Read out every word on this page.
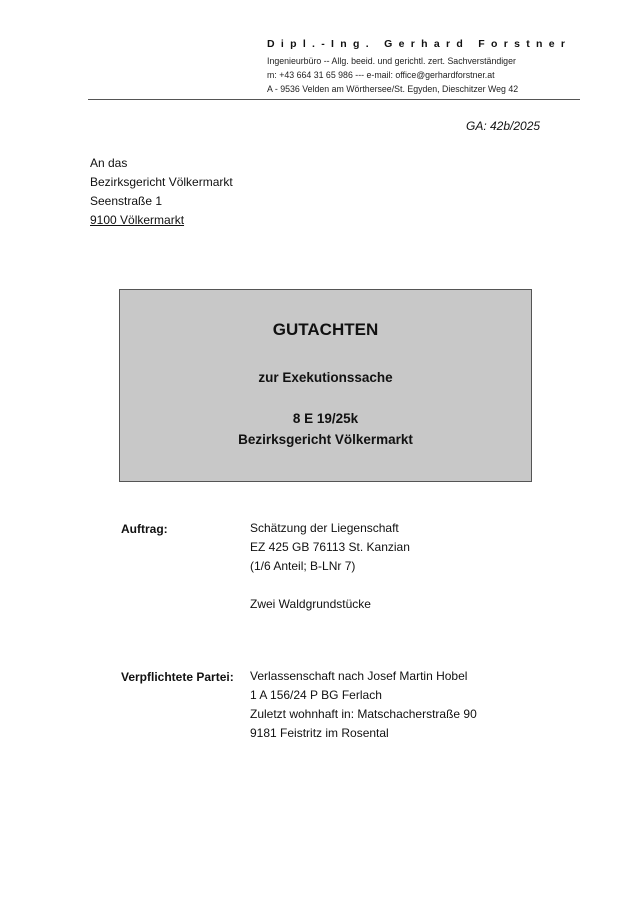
Dipl.-Ing. Gerhard Forstner
Ingenieurbüro -- Allg. beeid. und gerichtl. zert. Sachverständiger
m: +43 664 31 65 986 --- e-mail: office@gerhardforstner.at
A - 9536 Velden am Wörthersee/St. Egyden, Dieschitzer Weg 42
GA: 42b/2025
An das
Bezirksgericht Völkermarkt
Seenstraße 1
9100 Völkermarkt
GUTACHTEN
zur Exekutionssache
8 E 19/25k
Bezirksgericht Völkermarkt
Auftrag:	Schätzung der Liegenschaft
EZ 425 GB 76113 St. Kanzian
(1/6 Anteil; B-LNr 7)
Zwei Waldgrundstücke
Verpflichtete Partei: Verlassenschaft nach Josef Martin Hobel
1 A 156/24 P BG Ferlach
Zuletzt wohnhaft in: Matschacherstraße 90
9181 Feistritz im Rosental
